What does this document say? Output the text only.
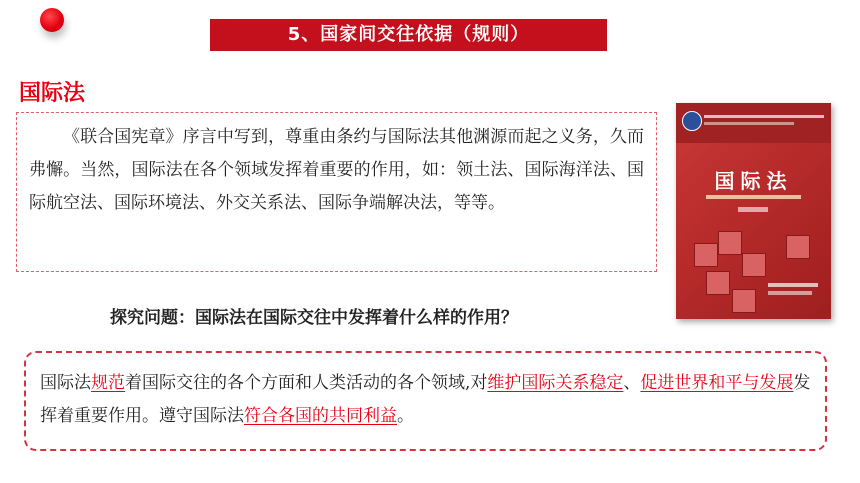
5、国家间交往依据（规则）
国际法

《联合国宪章》序言中写到，尊重由条约与国际法其他渊源而起之义务，久而弗懈。当然，国际法在各个领域发挥着重要的作用，如：领土法、国际海洋法、国际航空法、国际环境法、外交关系法、国际争端解决法，等等。

国际法
探究问题：国际法在国际交往中发挥着什么样的作用？

国际法规范着国际交往的各个方面和人类活动的各个领域,对维护国际关系稳定、促进世界和平与发展发挥着重要作用。遵守国际法符合各国的共同利益。
